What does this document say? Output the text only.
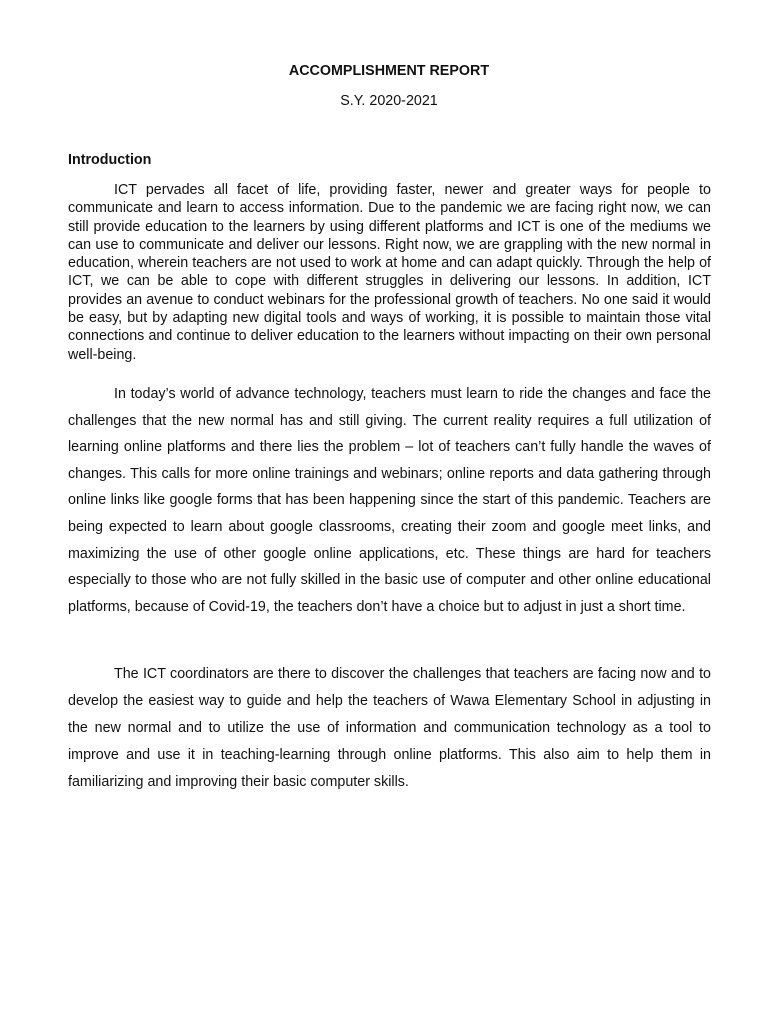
ACCOMPLISHMENT REPORT

S.Y. 2020-2021

Introduction

ICT pervades all facet of life, providing faster, newer and greater ways for people to communicate and learn to access information. Due to the pandemic we are facing right now, we can still provide education to the learners by using different platforms and ICT is one of the mediums we can use to communicate and deliver our lessons. Right now, we are grappling with the new normal in education, wherein teachers are not used to work at home and can adapt quickly. Through the help of ICT, we can be able to cope with different struggles in delivering our lessons. In addition, ICT provides an avenue to conduct webinars for the professional growth of teachers. No one said it would be easy, but by adapting new digital tools and ways of working, it is possible to maintain those vital connections and continue to deliver education to the learners without impacting on their own personal well-being.

In today’s world of advance technology, teachers must learn to ride the changes and face the challenges that the new normal has and still giving. The current reality requires a full utilization of learning online platforms and there lies the problem – lot of teachers can’t fully handle the waves of changes. This calls for more online trainings and webinars; online reports and data gathering through online links like google forms that has been happening since the start of this pandemic. Teachers are being expected to learn about google classrooms, creating their zoom and google meet links, and maximizing the use of other google online applications, etc. These things are hard for teachers especially to those who are not fully skilled in the basic use of computer and other online educational platforms, because of Covid-19, the teachers don’t have a choice but to adjust in just a short time.

The ICT coordinators are there to discover the challenges that teachers are facing now and to develop the easiest way to guide and help the teachers of Wawa Elementary School in adjusting in the new normal and to utilize the use of information and communication technology as a tool to improve and use it in teaching-learning through online platforms. This also aim to help them in familiarizing and improving their basic computer skills.
